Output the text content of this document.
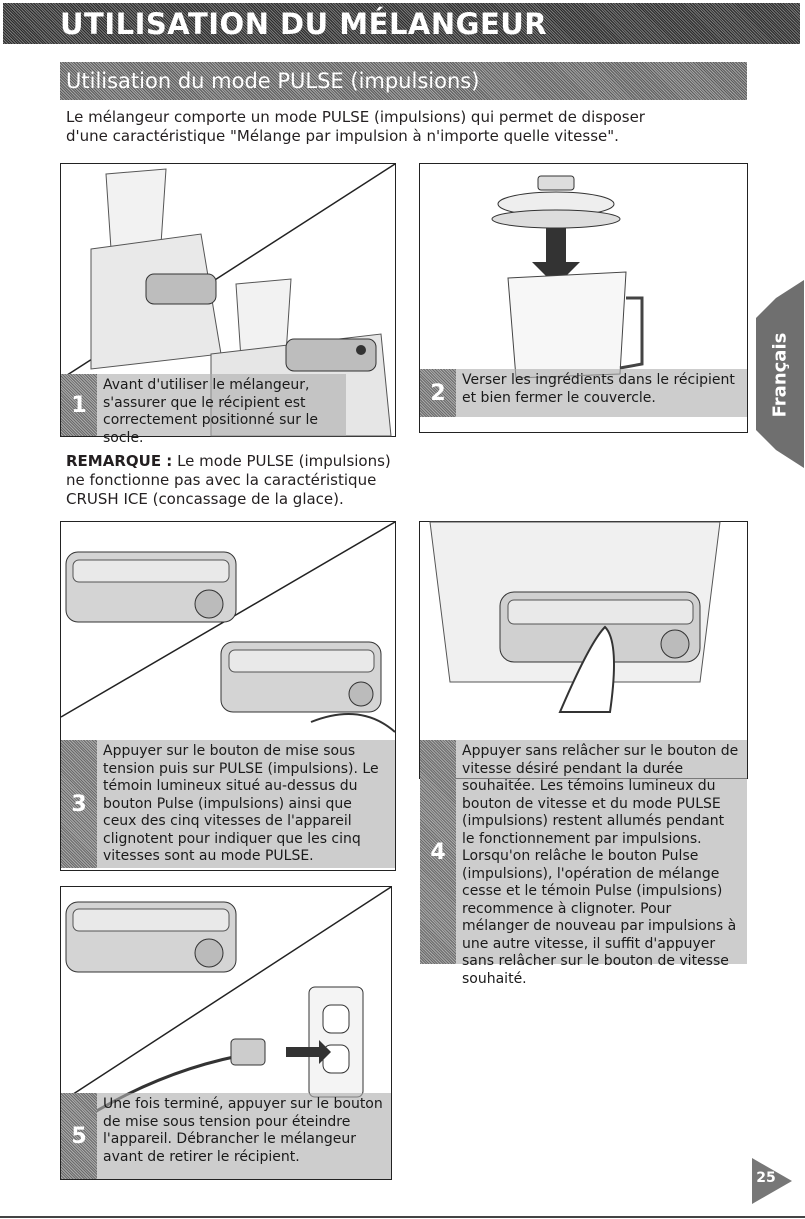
UTILISATION DU MÉLANGEUR
Utilisation du mode PULSE (impulsions)
Le mélangeur comporte un mode PULSE (impulsions) qui permet de disposer d'une caractéristique "Mélange par impulsion à n'importe quelle vitesse".
1
Avant d'utiliser le mélangeur, s'assurer que le récipient est correctement positionné sur le socle.
2
Verser les ingrédients dans le récipient et bien fermer le couvercle.
REMARQUE : Le mode PULSE (impulsions) ne fonctionne pas avec la caractéristique CRUSH ICE (concassage de la glace).
3
Appuyer sur le bouton de mise sous tension puis sur PULSE (impulsions). Le témoin lumineux situé au-dessus du bouton Pulse (impulsions) ainsi que ceux des cinq vitesses de l'appareil clignotent pour indiquer que les cinq vitesses sont au mode PULSE.	4
Appuyer sans relâcher sur le bouton de vitesse désiré pendant la durée souhaitée. Les témoins lumineux du bouton de vitesse et du mode PULSE (impulsions) restent allumés pendant le fonctionnement par impulsions. Lorsqu'on relâche le bouton Pulse (impulsions), l'opération de mélange cesse et le témoin Pulse (impulsions) recommence à clignoter. Pour mélanger de nouveau par impulsions à une autre vitesse, il suffit d'appuyer sans relâcher sur le bouton de vitesse souhaité.
5
Une fois terminé, appuyer sur le bouton de mise sous tension pour éteindre l'appareil. Débrancher le mélangeur avant de retirer le récipient.
Français
25
